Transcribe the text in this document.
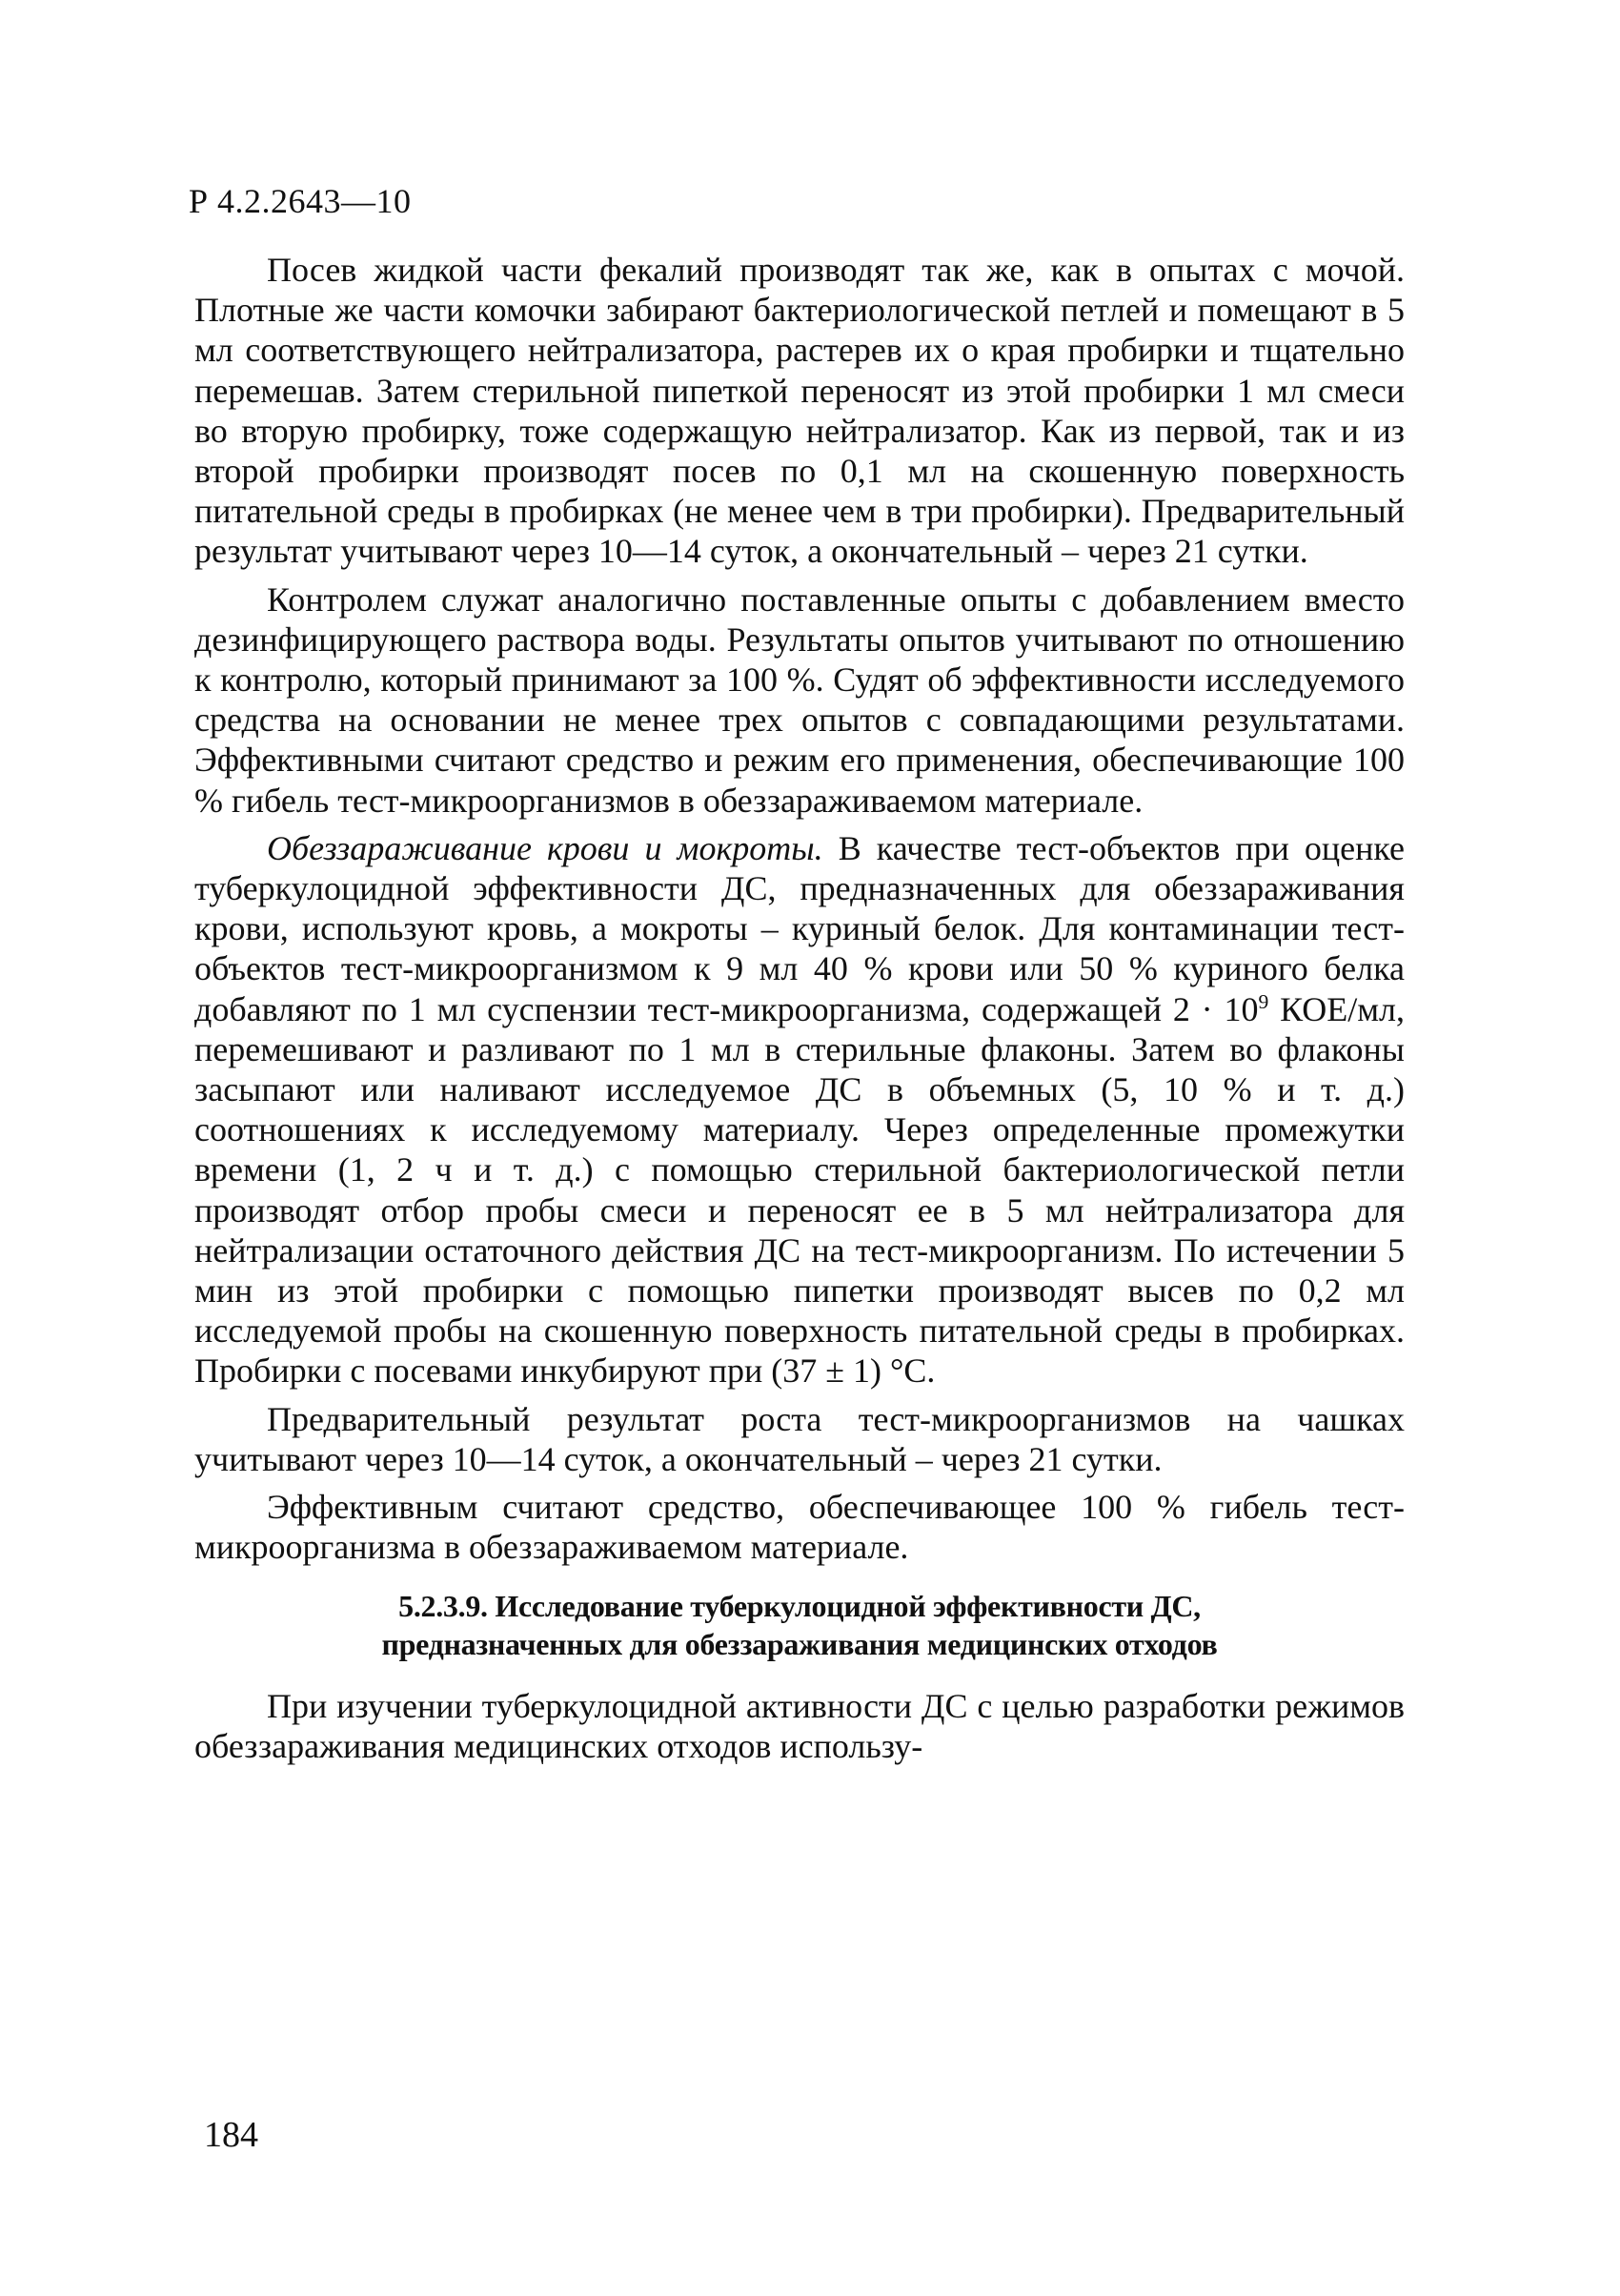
Р 4.2.2643—10

Посев жидкой части фекалий производят так же, как в опытах с мочой. Плотные же части комочки забирают бактериологической петлей и помещают в 5 мл соответствующего нейтрализатора, растерев их о края пробирки и тщательно перемешав. Затем стерильной пипеткой переносят из этой пробирки 1 мл смеси во вторую пробирку, тоже содержащую нейтрализатор. Как из первой, так и из второй пробирки производят посев по 0,1 мл на скошенную поверхность питательной среды в пробирках (не менее чем в три пробирки). Предварительный результат учитывают через 10—14 суток, а окончательный – через 21 сутки.

Контролем служат аналогично поставленные опыты с добавлением вместо дезинфицирующего раствора воды. Результаты опытов учитывают по отношению к контролю, который принимают за 100 %. Судят об эффективности исследуемого средства на основании не менее трех опытов с совпадающими результатами. Эффективными считают средство и режим его применения, обеспечивающие 100 % гибель тест-микроорганизмов в обеззараживаемом материале.

Обеззараживание крови и мокроты. В качестве тест-объектов при оценке туберкулоцидной эффективности ДС, предназначенных для обеззараживания крови, используют кровь, а мокроты – куриный белок. Для контаминации тест-объектов тест-микроорганизмом к 9 мл 40 % крови или 50 % куриного белка добавляют по 1 мл суспензии тест-микроорганизма, содержащей $2 \cdot 10^9$ КОЕ/мл, перемешивают и разливают по 1 мл в стерильные флаконы. Затем во флаконы засыпают или наливают исследуемое ДС в объемных (5, 10 % и т. д.) соотношениях к исследуемому материалу. Через определенные промежутки времени (1, 2 ч и т. д.) с помощью стерильной бактериологической петли производят отбор пробы смеси и переносят ее в 5 мл нейтрализатора для нейтрализации остаточного действия ДС на тест-микроорганизм. По истечении 5 мин из этой пробирки с помощью пипетки производят высев по 0,2 мл исследуемой пробы на скошенную поверхность питательной среды в пробирках. Пробирки с посевами инкубируют при (37 ± 1) °С.

Предварительный результат роста тест-микроорганизмов на чашках учитывают через 10—14 суток, а окончательный – через 21 сутки.

Эффективным считают средство, обеспечивающее 100 % гибель тест-микроорганизма в обеззараживаемом материале.

5.2.3.9. Исследование туберкулоцидной эффективности ДС,
предназначенных для обеззараживания медицинских отходов

При изучении туберкулоцидной активности ДС с целью разработки режимов обеззараживания медицинских отходов использу-

184
